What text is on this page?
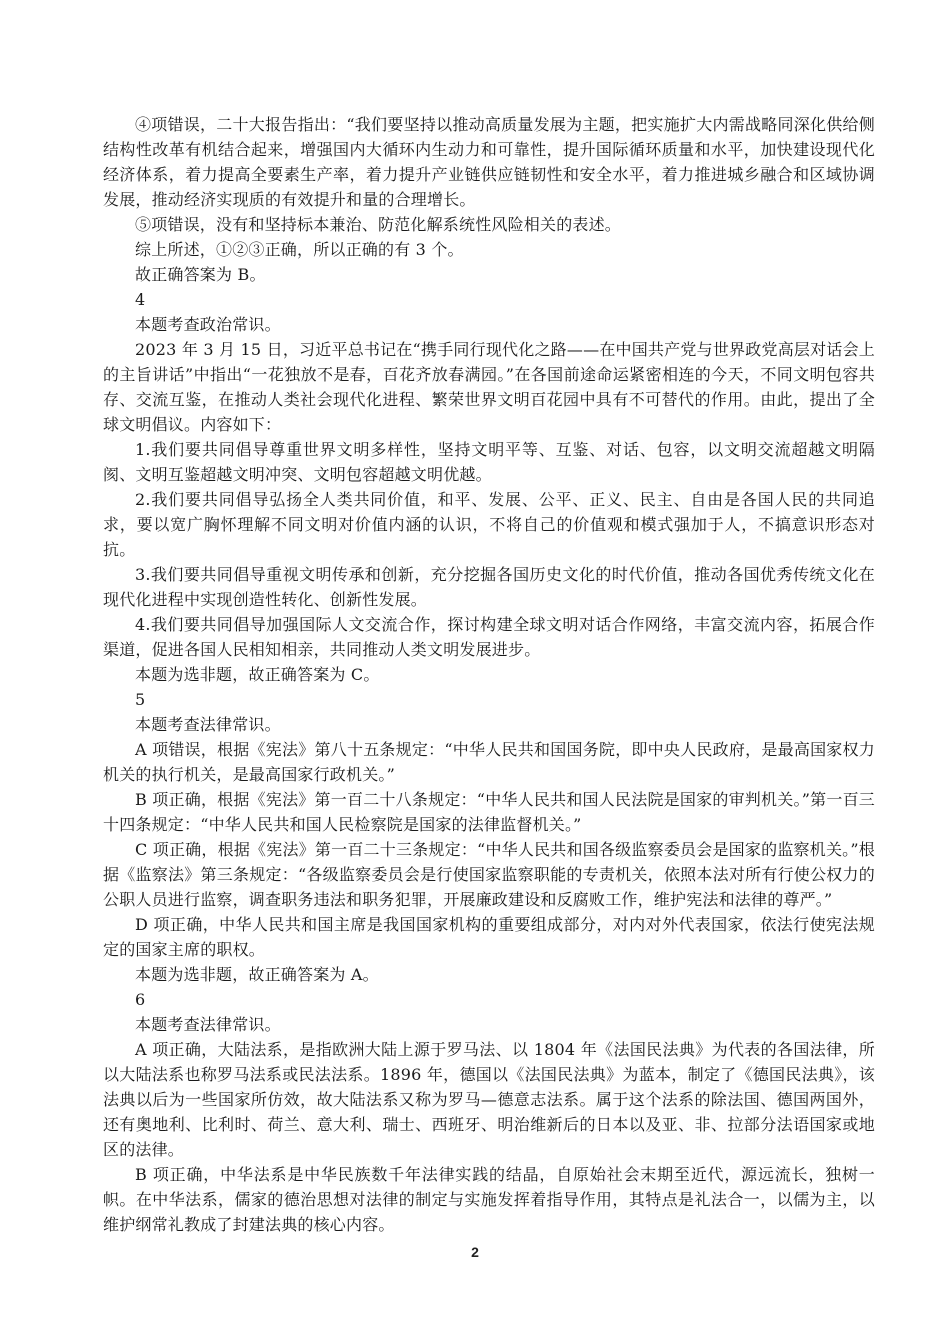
④项错误，二十大报告指出：“我们要坚持以推动高质量发展为主题，把实施扩大内需战略同深化供给侧结构性改革有机结合起来，增强国内大循环内生动力和可靠性，提升国际循环质量和水平，加快建设现代化经济体系，着力提高全要素生产率，着力提升产业链供应链韧性和安全水平，着力推进城乡融合和区域协调发展，推动经济实现质的有效提升和量的合理增长。

⑤项错误，没有和坚持标本兼治、防范化解系统性风险相关的表述。

综上所述，①②③正确，所以正确的有 3 个。

故正确答案为 B。

4

本题考查政治常识。

2023 年 3 月 15 日，习近平总书记在“携手同行现代化之路——在中国共产党与世界政党高层对话会上的主旨讲话”中指出“一花独放不是春，百花齐放春满园。”在各国前途命运紧密相连的今天，不同文明包容共存、交流互鉴，在推动人类社会现代化进程、繁荣世界文明百花园中具有不可替代的作用。由此，提出了全球文明倡议。内容如下：

1.我们要共同倡导尊重世界文明多样性，坚持文明平等、互鉴、对话、包容，以文明交流超越文明隔阂、文明互鉴超越文明冲突、文明包容超越文明优越。

2.我们要共同倡导弘扬全人类共同价值，和平、发展、公平、正义、民主、自由是各国人民的共同追求，要以宽广胸怀理解不同文明对价值内涵的认识，不将自己的价值观和模式强加于人，不搞意识形态对抗。

3.我们要共同倡导重视文明传承和创新，充分挖掘各国历史文化的时代价值，推动各国优秀传统文化在现代化进程中实现创造性转化、创新性发展。

4.我们要共同倡导加强国际人文交流合作，探讨构建全球文明对话合作网络，丰富交流内容，拓展合作渠道，促进各国人民相知相亲，共同推动人类文明发展进步。

本题为选非题，故正确答案为 C。

5

本题考查法律常识。

A 项错误，根据《宪法》第八十五条规定：“中华人民共和国国务院，即中央人民政府，是最高国家权力机关的执行机关，是最高国家行政机关。”

B 项正确，根据《宪法》第一百二十八条规定：“中华人民共和国人民法院是国家的审判机关。”第一百三十四条规定：“中华人民共和国人民检察院是国家的法律监督机关。”

C 项正确，根据《宪法》第一百二十三条规定：“中华人民共和国各级监察委员会是国家的监察机关。”根据《监察法》第三条规定：“各级监察委员会是行使国家监察职能的专责机关，依照本法对所有行使公权力的公职人员进行监察，调查职务违法和职务犯罪，开展廉政建设和反腐败工作，维护宪法和法律的尊严。”

D 项正确，中华人民共和国主席是我国国家机构的重要组成部分，对内对外代表国家，依法行使宪法规定的国家主席的职权。

本题为选非题，故正确答案为 A。

6

本题考查法律常识。

A 项正确，大陆法系，是指欧洲大陆上源于罗马法、以 1804 年《法国民法典》为代表的各国法律，所以大陆法系也称罗马法系或民法法系。1896 年，德国以《法国民法典》为蓝本，制定了《德国民法典》，该法典以后为一些国家所仿效，故大陆法系又称为罗马—德意志法系。属于这个法系的除法国、德国两国外，还有奥地利、比利时、荷兰、意大利、瑞士、西班牙、明治维新后的日本以及亚、非、拉部分法语国家或地区的法律。

B 项正确，中华法系是中华民族数千年法律实践的结晶，自原始社会末期至近代，源远流长，独树一帜。在中华法系，儒家的德治思想对法律的制定与实施发挥着指导作用，其特点是礼法合一，以儒为主，以维护纲常礼教成了封建法典的核心内容。

2
